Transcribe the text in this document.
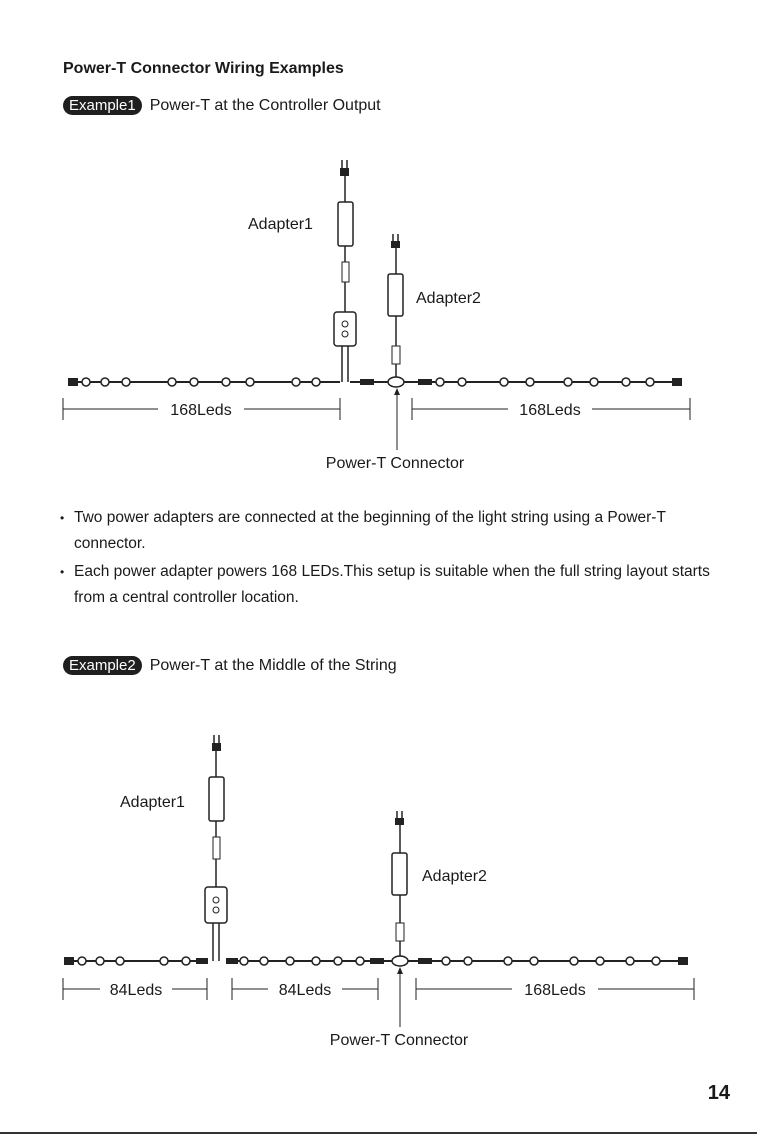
Power-T Connector Wiring Examples
Example1 Power-T at the Controller Output
Adapter1
Adapter2
168Leds	168Leds
Power-T Connector
• Two power adapters are connected at the beginning of the light string using a Power-T connector.
• Each power adapter powers 168 LEDs.This setup is suitable when the full string layout starts from a central controller location.
Example2 Power-T at the Middle of the String
Adapter1
Adapter2
84Leds	84Leds	168Leds
Power-T Connector
14
